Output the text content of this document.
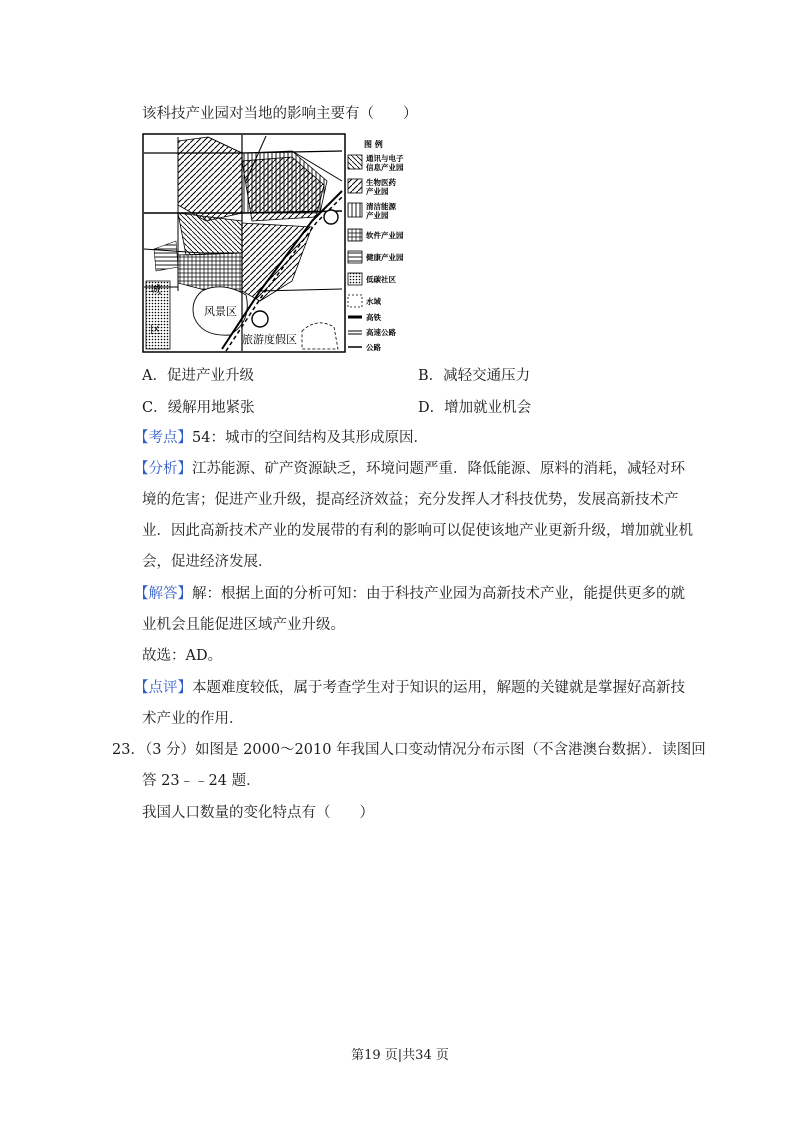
该科技产业园对当地的影响主要有（　　）
城
区
风景区
旅游度假区
图 例
通讯与电子
信息产业园
生物医药
产业园
清洁能源
产业园
软件产业园
健康产业园
低碳社区
水域
高铁
高速公路
公路
A．促进产业升级	B．减轻交通压力
C．缓解用地紧张	D．增加就业机会
【考点】54：城市的空间结构及其形成原因．
【分析】江苏能源、矿产资源缺乏，环境问题严重．降低能源、原料的消耗，减轻对环
境的危害；促进产业升级，提高经济效益；充分发挥人才科技优势，发展高新技术产
业．因此高新技术产业的发展带的有利的影响可以促使该地产业更新升级，增加就业机
会，促进经济发展．
【解答】解：根据上面的分析可知：由于科技产业园为高新技术产业，能提供更多的就
业机会且能促进区域产业升级。
故选：AD。
【点评】本题难度较低，属于考查学生对于知识的运用，解题的关键就是掌握好高新技
术产业的作用．
23．（3 分）如图是 2000～2010 年我国人口变动情况分布示图（不含港澳台数据）．读图回
答 23﹣﹣24 题．
我国人口数量的变化特点有（　　）
第19 页|共34 页
